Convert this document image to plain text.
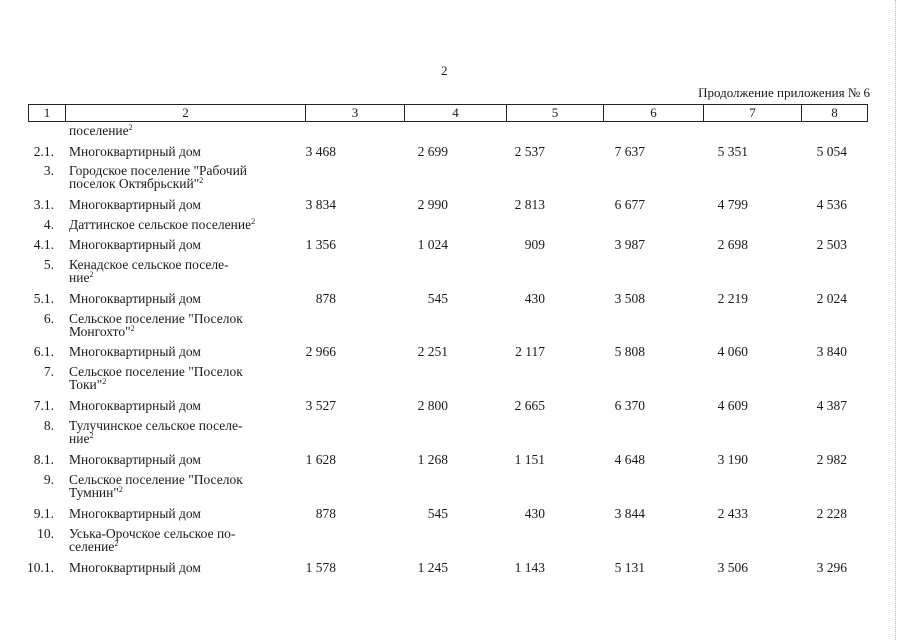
2
Продолжение приложения № 6
1	2	3	4	5	6	7	8
поселение$^2$
2.1. Многоквартирный дом	3 468	2 699	2 537	7 637	5 351	5 054
3. Городское поселение "Рабочий
поселок Октябрьский"$^2$
3.1. Многоквартирный дом	3 834	2 990	2 813	6 677	4 799	4 536
4. Даттинское сельское поселение$^2$
4.1. Многоквартирный дом	1 356	1 024	909	3 987	2 698	2 503
5. Кенадское сельское поселе-
ние$^2$
5.1. Многоквартирный дом	878	545	430	3 508	2 219	2 024
6. Сельское поселение "Поселок
Монгохто"$^2$
6.1. Многоквартирный дом	2 966	2 251	2 117	5 808	4 060	3 840
7. Сельское поселение "Поселок
Токи"$^2$
7.1. Многоквартирный дом	3 527	2 800	2 665	6 370	4 609	4 387
8. Тулучинское сельское поселе-
ние$^2$
8.1. Многоквартирный дом	1 628	1 268	1 151	4 648	3 190	2 982
9. Сельское поселение "Поселок
Тумнин"$^2$
9.1. Многоквартирный дом	878	545	430	3 844	2 433	2 228
10. Уська-Орочское сельское по-
селение$^2$
10.1. Многоквартирный дом	1 578	1 245	1 143	5 131	3 506	3 296
